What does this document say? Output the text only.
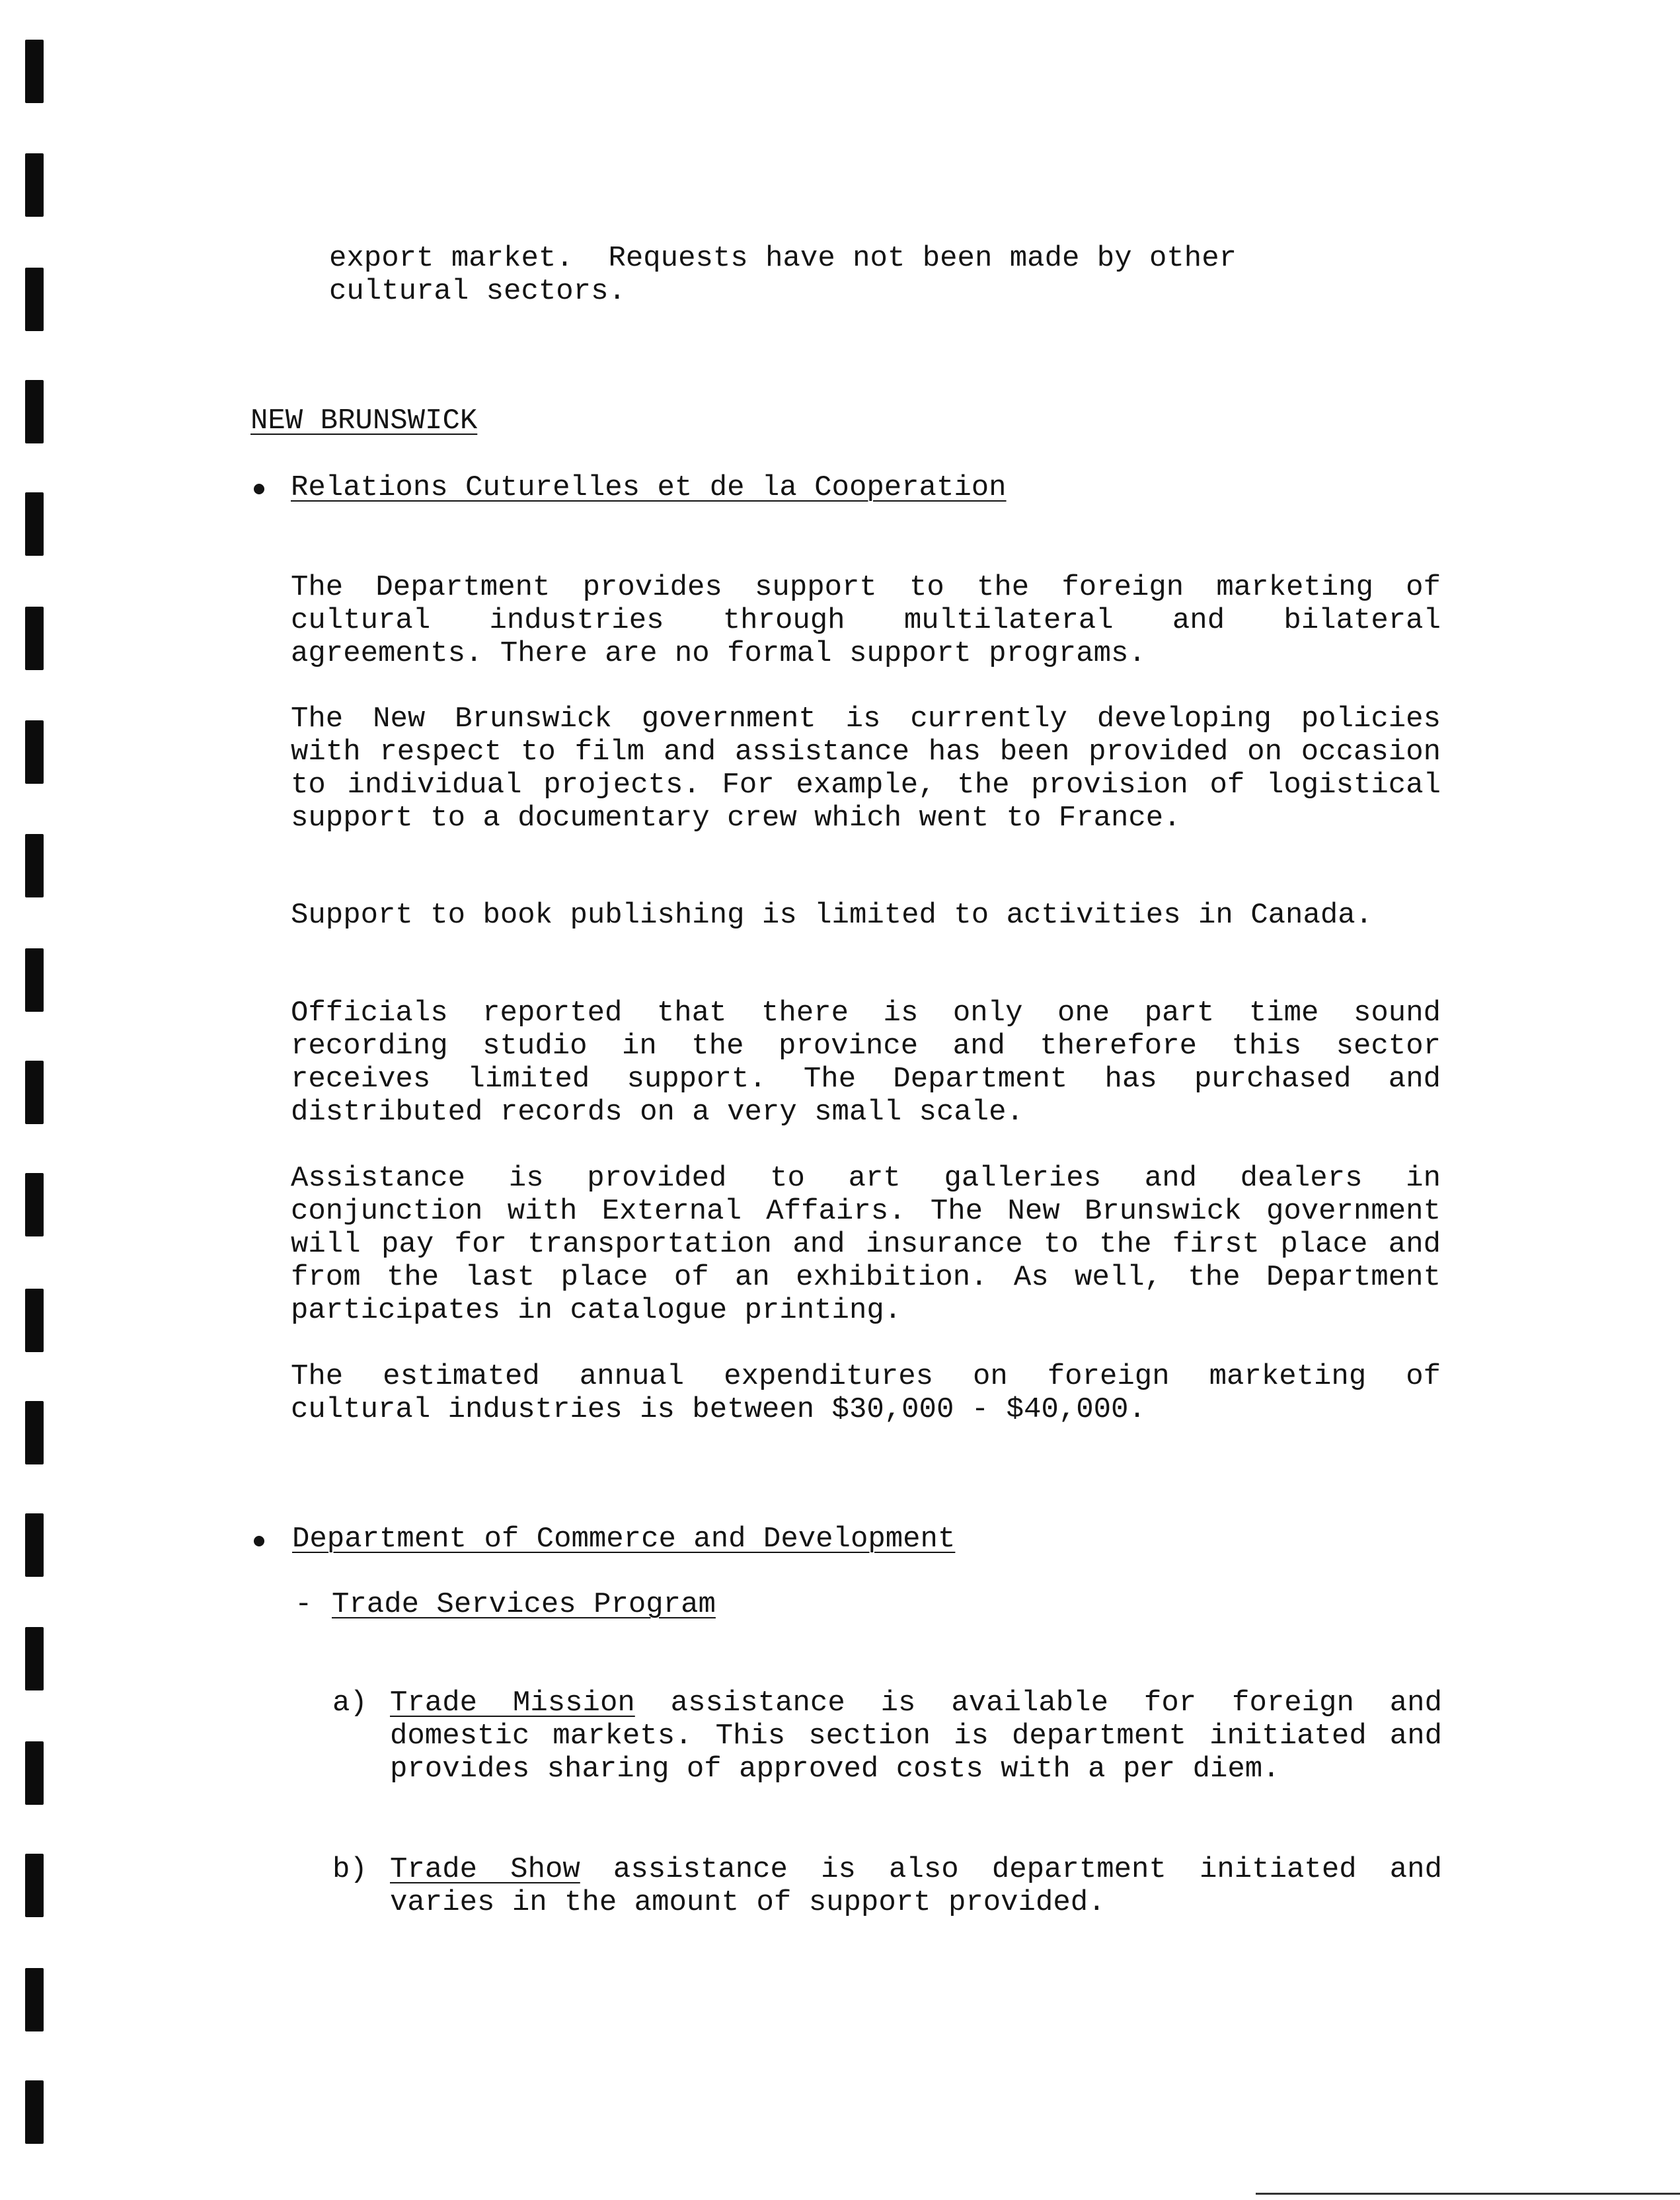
export market.  Requests have not been made by other
cultural sectors.
NEW BRUNSWICK
Relations Cuturelles et de la Cooperation
The Department provides support to the foreign marketing of cultural industries through multilateral and bilateral agreements. There are no formal support programs.
The New Brunswick government is currently developing policies with respect to film and assistance has been provided on occasion to individual projects. For example, the provision of logistical support to a documentary crew which went to France.
Support to book publishing is limited to activities in Canada.
Officials reported that there is only one part time sound recording studio in the province and therefore this sector receives limited support. The Department has purchased and distributed records on a very small scale.
Assistance is provided to art galleries and dealers in conjunction with External Affairs. The New Brunswick government will pay for transportation and insurance to the first place and from the last place of an exhibition. As well, the Department participates in catalogue printing.
The estimated annual expenditures on foreign marketing of cultural industries is between $30,000 - $40,000.
Department of Commerce and Development
- Trade Services Program
a) Trade Mission assistance is available for foreign and domestic markets. This section is department initiated and provides sharing of approved costs with a per diem.
b) Trade Show assistance is also department initiated and varies in the amount of support provided.
